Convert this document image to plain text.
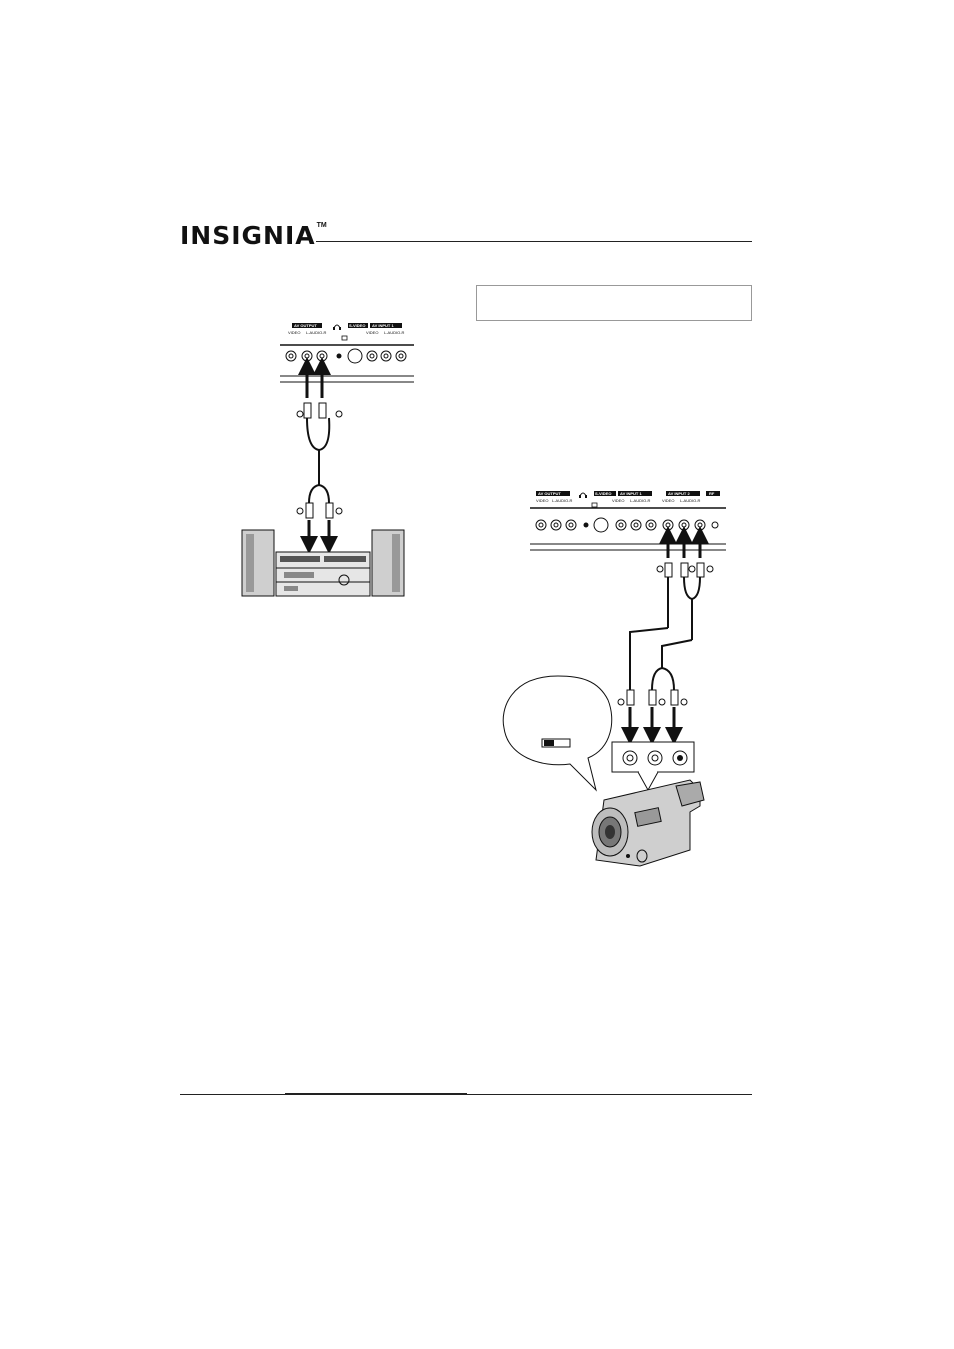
INSIGNIA TM
AV OUTPUT	S-VIDEO AV INPUT 1
VIDEO L-AUDIO-R	VIDEO L-AUDIO-R
AV OUTPUT	S-VIDEO AV INPUT 1	AV INPUT 2	RF
VIDEO L-AUDIO-R	VIDEO L-AUDIO-R	VIDEO L-AUDIO-R
